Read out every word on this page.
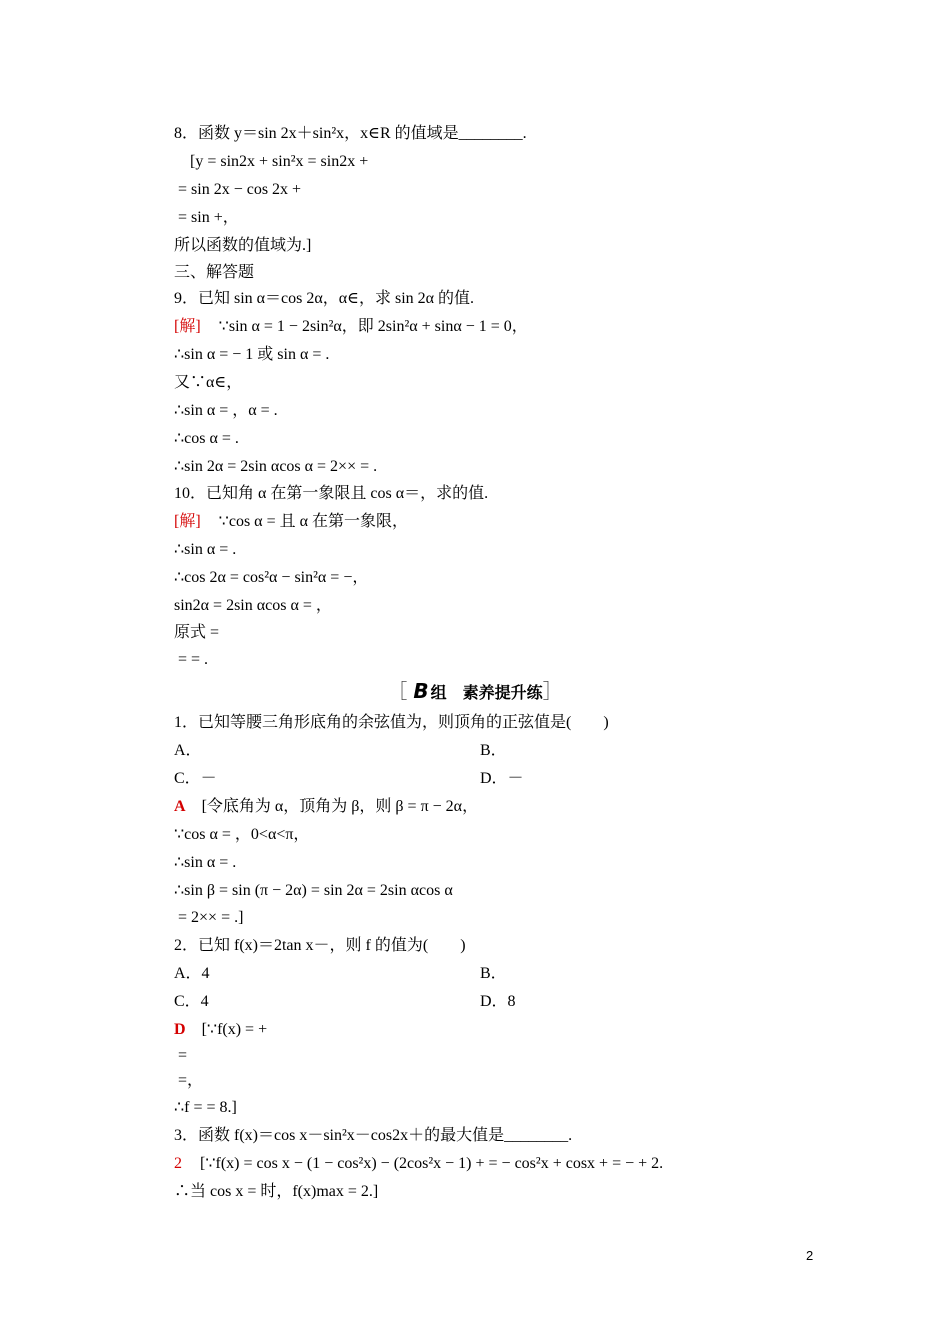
8．函数 y＝sin 2x＋sin²x，x∈R 的值域是________.
[y = sin2x + sin²x = sin2x +
= sin 2x − cos 2x +
= sin +，
所以函数的值域为.]
三、解答题
9．已知 sin α＝cos 2α，α∈，求 sin 2α 的值.
[解] ∵sin α = 1 − 2sin²α，即 2sin²α + sinα − 1 = 0，
∴sin α = − 1 或 sin α = .
又∵α∈，
∴sin α = ，α = .
∴cos α = .
∴sin 2α = 2sin αcos α = 2×× = .
10．已知角 α 在第一象限且 cos α＝，求的值.
[解] ∵cos α = 且 α 在第一象限，
∴sin α = .
∴cos 2α = cos²α − sin²α = −，
sin2α = 2sin αcos α = ，
原式 =
= = .
［ B 组　素养提升练］
1．已知等腰三角形底角的余弦值为，则顶角的正弦值是(　　)
A．	B．
C．－	D．－
A [令底角为 α，顶角为 β，则 β = π − 2α，
∵cos α = ，0<α<π，
∴sin α = .
∴sin β = sin (π − 2α) = sin 2α = 2sin αcos α
= 2×× = .]
2．已知 f(x)＝2tan x－，则 f 的值为(　　)
A．4	B．
C．4	D．8
D [∵f(x) = +
=
=，
∴f = = 8.]
3．函数 f(x)＝cos x－sin²x－cos2x＋的最大值是________.
2 [∵f(x) = cos x − (1 − cos²x) − (2cos²x − 1) + = − cos²x + cosx + = − + 2.
∴当 cos x = 时，f(x)max = 2.]
2
